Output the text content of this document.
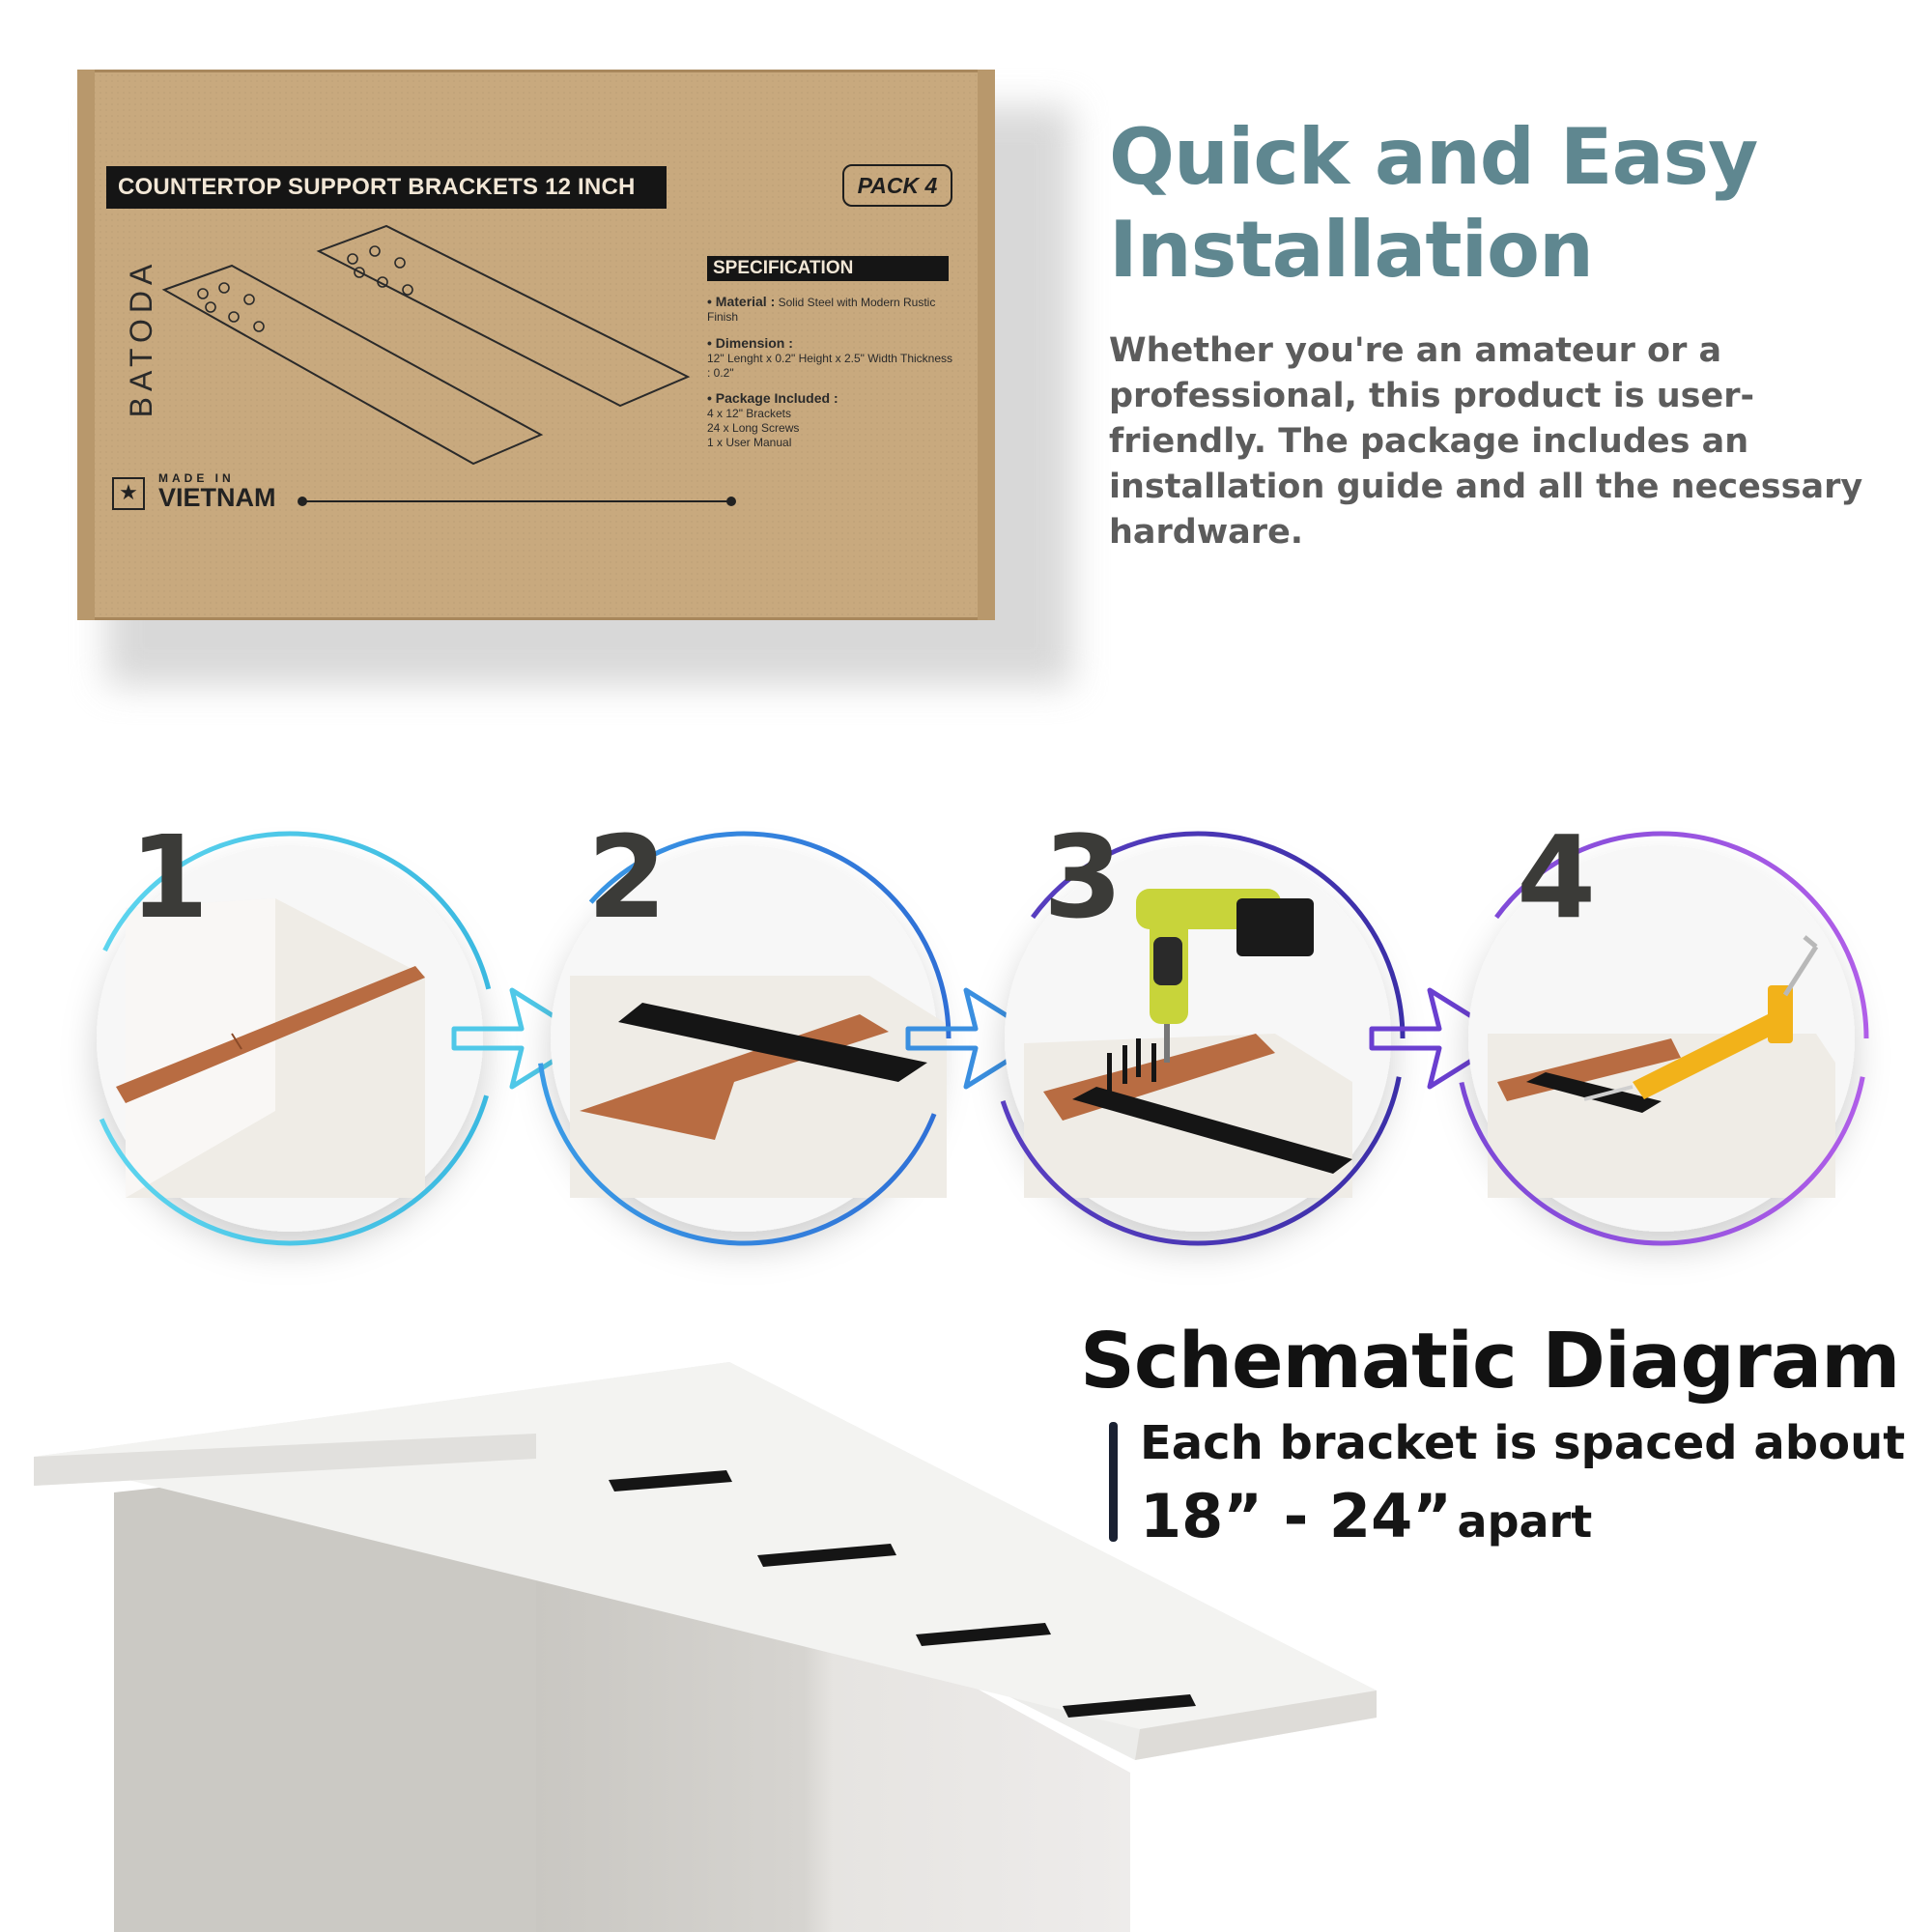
COUNTERTOP SUPPORT BRACKETS 12 INCH	PACK 4
BATODA	SPECIFICATION
• Material : Solid Steel with Modern Rustic Finish
• Dimension :
12" Lenght x 0.2" Height x 2.5" Width Thickness : 0.2"
• Package Included :
4 x 12" Brackets
24 x Long Screws
1 x User Manual
★
MADE IN
VIETNAM
Quick and Easy
Installation
Whether you're an amateur or a professional, this product is user-friendly. The package includes an installation guide and all the necessary hardware.
1	2	3	4
Schematic Diagram
Each bracket is spaced about
18” - 24” apart
